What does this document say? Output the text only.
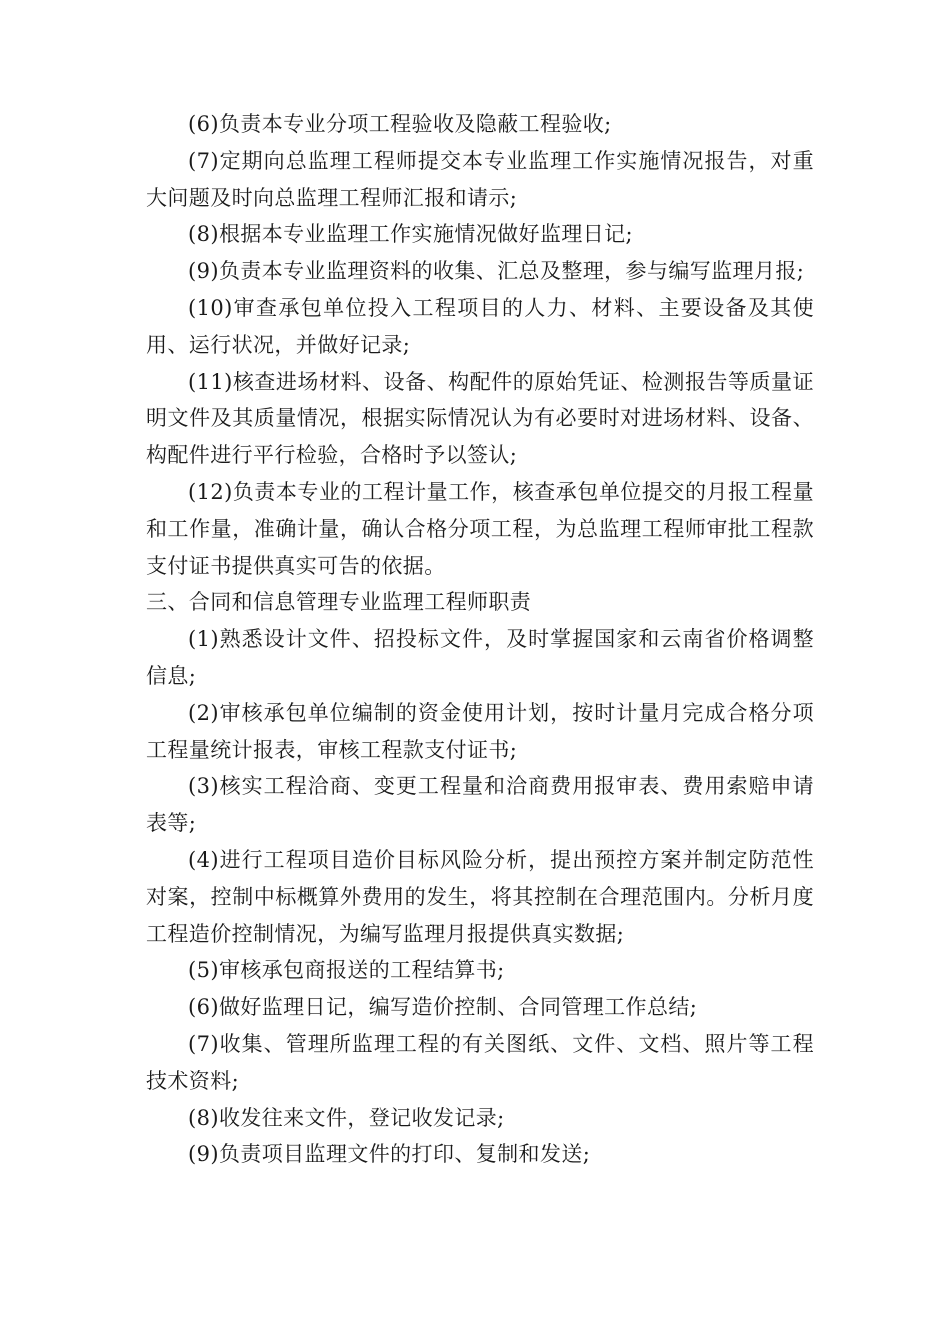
(6)负责本专业分项工程验收及隐蔽工程验收;

(7)定期向总监理工程师提交本专业监理工作实施情况报告，对重大问题及时向总监理工程师汇报和请示;

(8)根据本专业监理工作实施情况做好监理日记;

(9)负责本专业监理资料的收集、汇总及整理，参与编写监理月报;

(10)审查承包单位投入工程项目的人力、材料、主要设备及其使用、运行状况，并做好记录;

(11)核查进场材料、设备、构配件的原始凭证、检测报告等质量证明文件及其质量情况，根据实际情况认为有必要时对进场材料、设备、构配件进行平行检验，合格时予以签认;

(12)负责本专业的工程计量工作，核查承包单位提交的月报工程量和工作量，准确计量，确认合格分项工程，为总监理工程师审批工程款支付证书提供真实可告的依据。

三、合同和信息管理专业监理工程师职责

(1)熟悉设计文件、招投标文件，及时掌握国家和云南省价格调整信息;

(2)审核承包单位编制的资金使用计划，按时计量月完成合格分项工程量统计报表，审核工程款支付证书;

(3)核实工程洽商、变更工程量和洽商费用报审表、费用索赔申请表等;

(4)进行工程项目造价目标风险分析，提出预控方案并制定防范性对案，控制中标概算外费用的发生，将其控制在合理范围内。分析月度工程造价控制情况，为编写监理月报提供真实数据;

(5)审核承包商报送的工程结算书;

(6)做好监理日记，编写造价控制、合同管理工作总结;

(7)收集、管理所监理工程的有关图纸、文件、文档、照片等工程技术资料;

(8)收发往来文件，登记收发记录;

(9)负责项目监理文件的打印、复制和发送;
